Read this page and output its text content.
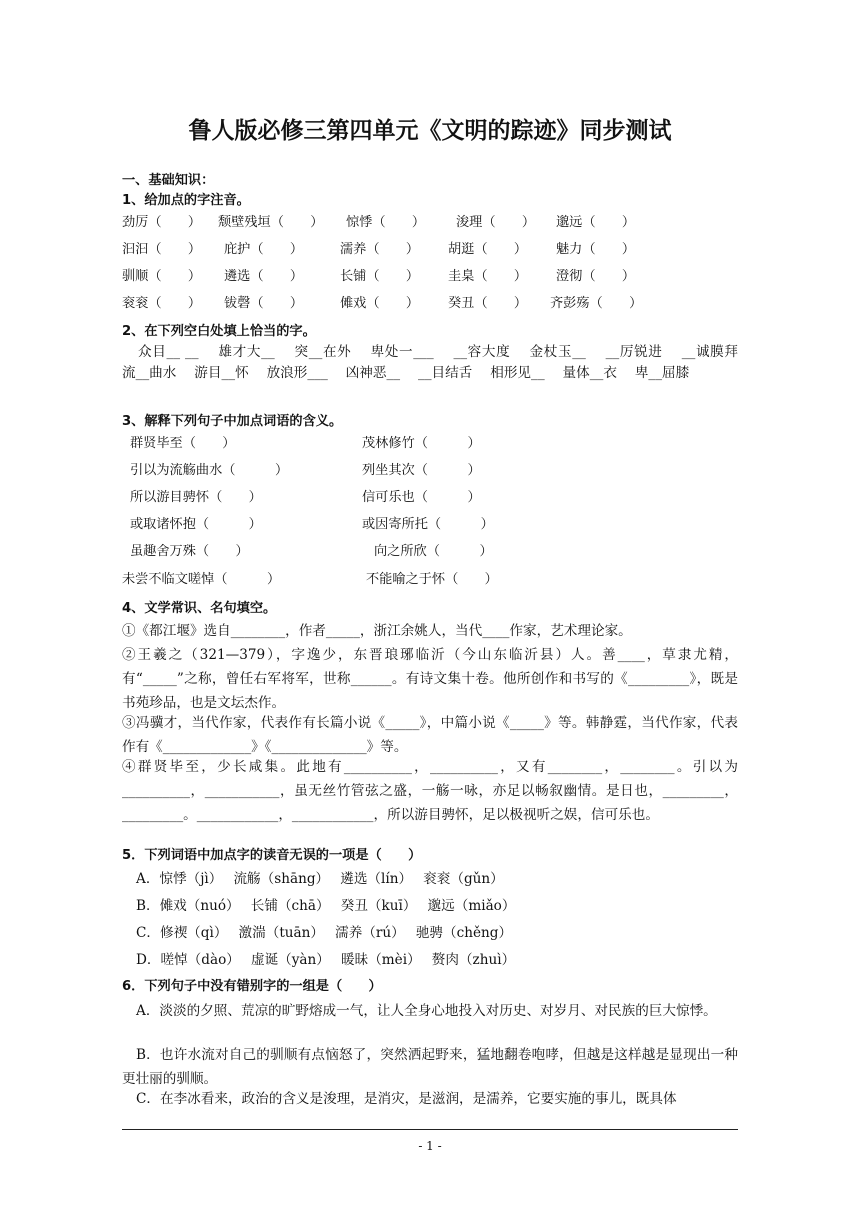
鲁人版必修三第四单元《文明的踪迹》同步测试
一、基础知识：
1、给加点的字注音。
劲厉（　　） 颓壁残垣（　　） 惊悸（　　） 浚理（　　） 邈远（　　）
汩汩（　　） 庇护（　　）	濡养（　　） 胡逛（　　） 魅力（　　）
驯顺（　　） 遴选（　　）	长铺（　　） 圭臬（　　） 澄彻（　　）
衮衮（　　） 钹磬（　　）	傩戏（　　） 癸丑（　　） 齐彭殇（　　）
2、在下列空白处填上恰当的字。
众目__ __　 雄才大__　 突__在外　 卑处一___　 __容大度　 金杖玉__　 __厉锐进　 __诚膜拜　 流__曲水　 游目__怀　 放浪形___　 凶神恶__　 __目结舌　 相形见__　 量体__衣　 卑__屈膝
3、解释下列句子中加点词语的含义。
群贤毕至（　　）	茂林修竹（　　　）
引以为流觞曲水（　　　）	列坐其次（　　　）
所以游目骋怀（　　）	信可乐也（　　　）
或取诸怀抱（　　　）	或因寄所托（　　　）
虽趣舍万殊（　　）	向之所欣（　　　）
未尝不临文嗟悼（　　　）	不能喻之于怀（　　）
4、文学常识、名句填空。
①《都江堰》选自________，作者_____，浙江余姚人，当代____作家，艺术理论家。
②王羲之（321—379），字逸少，东晋琅琊临沂（今山东临沂县）人。善____，草隶尤精，有“_____”之称，曾任右军将军，世称______。有诗文集十卷。他所创作和书写的《_________》，既是书苑珍品，也是文坛杰作。
③冯骥才，当代作家，代表作有长篇小说《_____》，中篇小说《_____》等。韩静霆，当代作家，代表作有《_____________》《______________》等。
④群贤毕至，少长咸集。此地有__________，__________，又有________，________。引以为__________，___________，虽无丝竹管弦之盛，一觞一咏，亦足以畅叙幽情。是日也，_________，_________。____________，____________，所以游目骋怀，足以极视听之娱，信可乐也。
5．下列词语中加点字的读音无误的一项是（　　）
A．惊悸（jì）　 流觞（shāng）　 遴选（lín）　 衮衮（gǔn）
B．傩戏（nuó）　 长铺（chā）　 癸丑（kuī）　 邈远（miǎo）
C．修禊（qì）　 激湍（tuān）　 濡养（rú）　 驰骋（chěng）
D．嗟悼（dào）　 虚诞（yàn）　 暖昧（mèi）　 赘肉（zhuì）
6．下列句子中没有错别字的一组是（　　）
A．淡淡的夕照、荒凉的旷野熔成一气，让人全身心地投入对历史、对岁月、对民族的巨大惊悸。
B．也许水流对自己的驯顺有点恼怒了，突然洒起野来，猛地翻卷咆哮，但越是这样越是显现出一种更壮丽的驯顺。
C．在李冰看来，政治的含义是浚理，是消灾，是滋润，是濡养，它要实施的事儿，既具体
- 1 -
